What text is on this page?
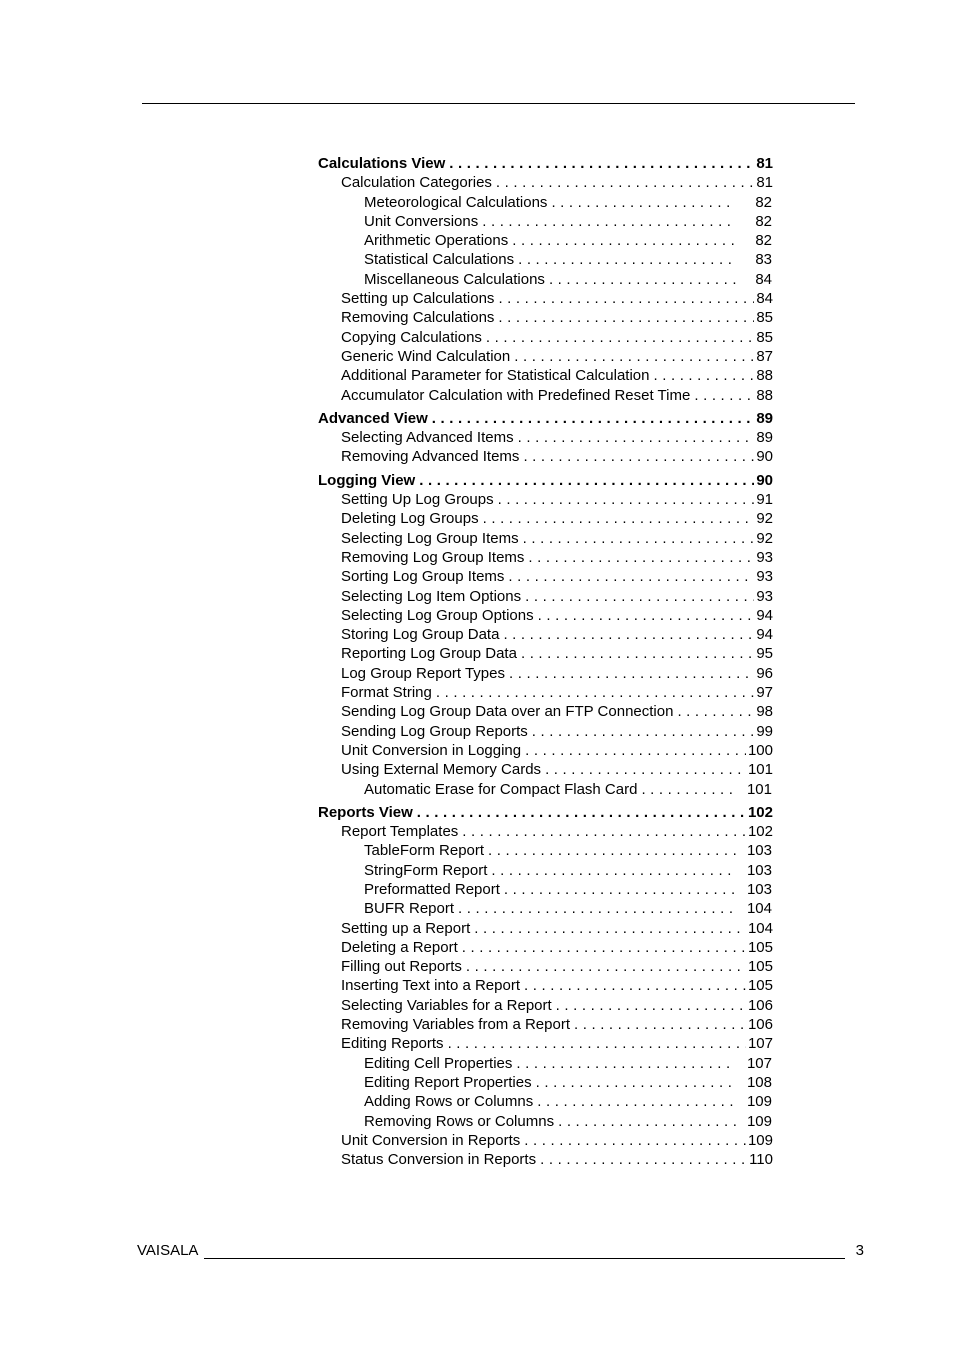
Calculations View . . .	81
Calculation Categories . . .	81
Meteorological Calculations . . .	82
Unit Conversions . . .	82
Arithmetic Operations . . .	82
Statistical Calculations . . .	83
Miscellaneous Calculations . . .	84
Setting up Calculations . . .	84
Removing Calculations . . .	85
Copying Calculations . . .	85
Generic Wind Calculation . . .	87
Additional Parameter for Statistical Calculation . . .	88
Accumulator Calculation with Predefined Reset Time . . .	88
Advanced View . . .	89
Selecting Advanced Items . . .	89
Removing Advanced Items . . .	90
Logging View . . .	90
Setting Up Log Groups . . .	91
Deleting Log Groups . . .	92
Selecting Log Group Items . . .	92
Removing Log Group Items . . .	93
Sorting Log Group Items . . .	93
Selecting Log Item Options . . .	93
Selecting Log Group Options . . .	94
Storing Log Group Data . . .	94
Reporting Log Group Data . . .	95
Log Group Report Types . . .	96
Format String . . .	97
Sending Log Group Data over an FTP Connection . . .	98
Sending Log Group Reports . . .	99
Unit Conversion in Logging . . .	100
Using External Memory Cards . . .	101
Automatic Erase for Compact Flash Card . . .	101
Reports View . . .	102
Report Templates . . .	102
TableForm Report . . .	103
StringForm Report . . .	103
Preformatted Report . . .	103
BUFR Report . . .	104
Setting up a Report . . .	104
Deleting a Report . . .	105
Filling out Reports . . .	105
Inserting Text into a Report . . .	105
Selecting Variables for a Report . . .	106
Removing Variables from a Report . . .	106
Editing Reports . . .	107
Editing Cell Properties . . .	107
Editing Report Properties . . .	108
Adding Rows or Columns . . .	109
Removing Rows or Columns . . .	109
Unit Conversion in Reports . . .	109
Status Conversion in Reports . . .	110
VAISALA	3
